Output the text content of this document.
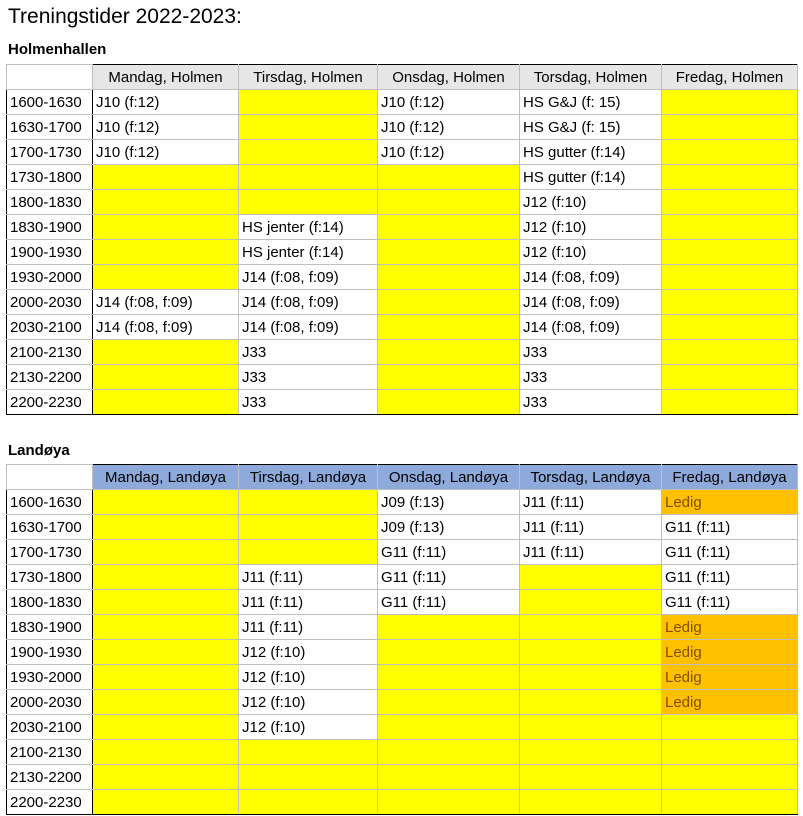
Treningstider 2022-2023:
Holmenhallen
	Mandag, Holmen	Tirsdag, Holmen	Onsdag, Holmen	Torsdag, Holmen	Fredag, Holmen
1600-1630	J10 (f:12)		J10 (f:12)	HS G&J (f: 15)	
1630-1700	J10 (f:12)		J10 (f:12)	HS G&J (f: 15)	
1700-1730	J10 (f:12)		J10 (f:12)	HS gutter (f:14)	
1730-1800				HS gutter (f:14)	
1800-1830				J12 (f:10)	
1830-1900		HS jenter (f:14)		J12 (f:10)	
1900-1930		HS jenter (f:14)		J12 (f:10)	
1930-2000		J14 (f:08, f:09)		J14 (f:08, f:09)	
2000-2030	J14 (f:08, f:09)	J14 (f:08, f:09)		J14 (f:08, f:09)	
2030-2100	J14 (f:08, f:09)	J14 (f:08, f:09)		J14 (f:08, f:09)	
2100-2130		J33		J33	
2130-2200		J33		J33	
2200-2230		J33		J33	
Landøya
	Mandag, Landøya	Tirsdag, Landøya	Onsdag, Landøya	Torsdag, Landøya	Fredag, Landøya
1600-1630			J09 (f:13)	J11 (f:11)	Ledig
1630-1700			J09 (f:13)	J11 (f:11)	G11 (f:11)
1700-1730			G11 (f:11)	J11 (f:11)	G11 (f:11)
1730-1800		J11 (f:11)	G11 (f:11)		G11 (f:11)
1800-1830		J11 (f:11)	G11 (f:11)		G11 (f:11)
1830-1900		J11 (f:11)			Ledig
1900-1930		J12 (f:10)			Ledig
1930-2000		J12 (f:10)			Ledig
2000-2030		J12 (f:10)			Ledig
2030-2100		J12 (f:10)			
2100-2130					
2130-2200					
2200-2230					
